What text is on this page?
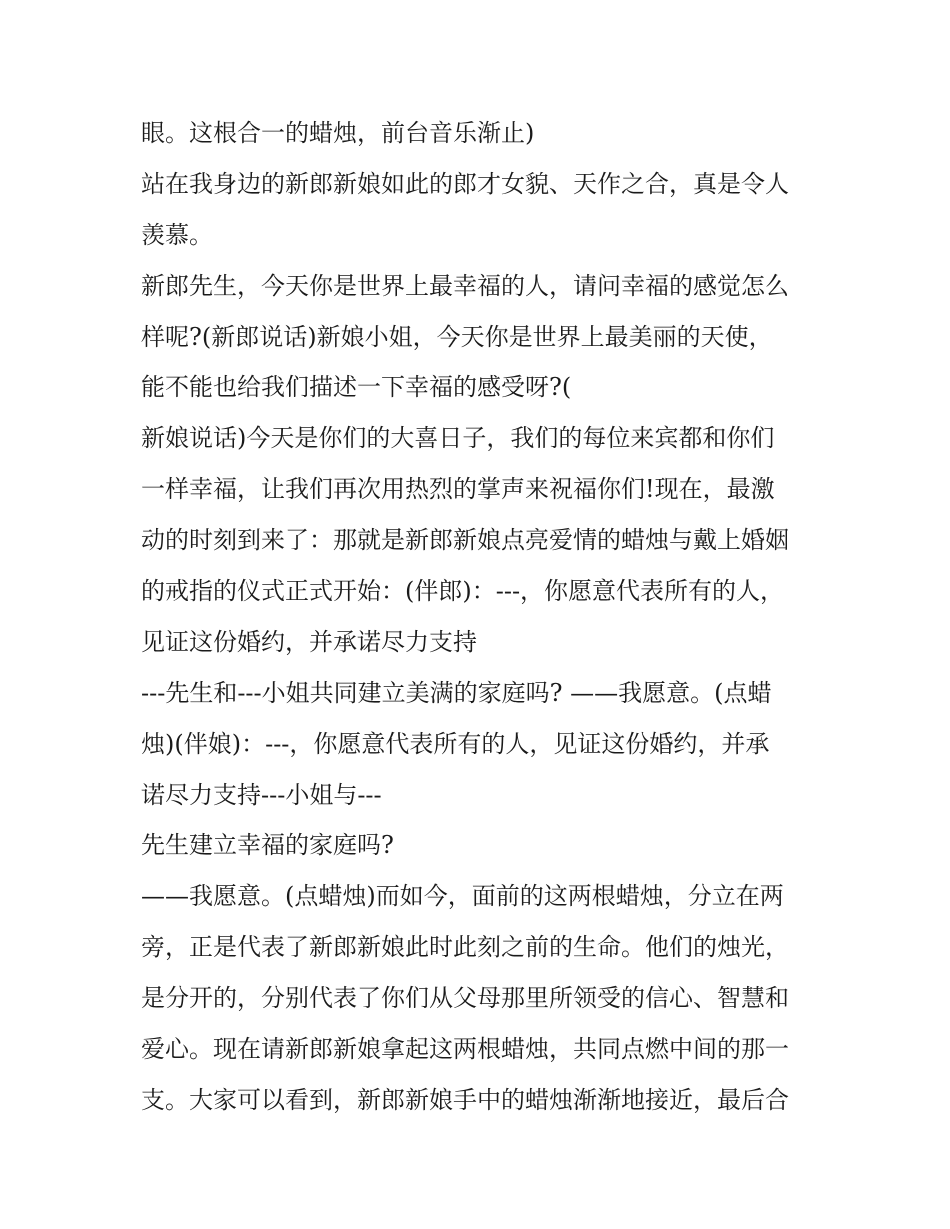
眼。这根合一的蜡烛，前台音乐渐止)
站在我身边的新郎新娘如此的郎才女貌、天作之合，真是令人
羡慕。
新郎先生，今天你是世界上最幸福的人，请问幸福的感觉怎么
样呢?(新郎说话)新娘小姐，今天你是世界上最美丽的天使，
能不能也给我们描述一下幸福的感受呀?(
新娘说话)今天是你们的大喜日子，我们的每位来宾都和你们
一样幸福，让我们再次用热烈的掌声来祝福你们!现在，最激
动的时刻到来了：那就是新郎新娘点亮爱情的蜡烛与戴上婚姻
的戒指的仪式正式开始：(伴郎)：---，你愿意代表所有的人，
见证这份婚约，并承诺尽力支持
---先生和---小姐共同建立美满的家庭吗? ——我愿意。(点蜡
烛)(伴娘)：---，你愿意代表所有的人，见证这份婚约，并承
诺尽力支持---小姐与---
先生建立幸福的家庭吗?
——我愿意。(点蜡烛)而如今，面前的这两根蜡烛，分立在两
旁，正是代表了新郎新娘此时此刻之前的生命。他们的烛光，
是分开的，分别代表了你们从父母那里所领受的信心、智慧和
爱心。现在请新郎新娘拿起这两根蜡烛，共同点燃中间的那一
支。大家可以看到，新郎新娘手中的蜡烛渐渐地接近，最后合
